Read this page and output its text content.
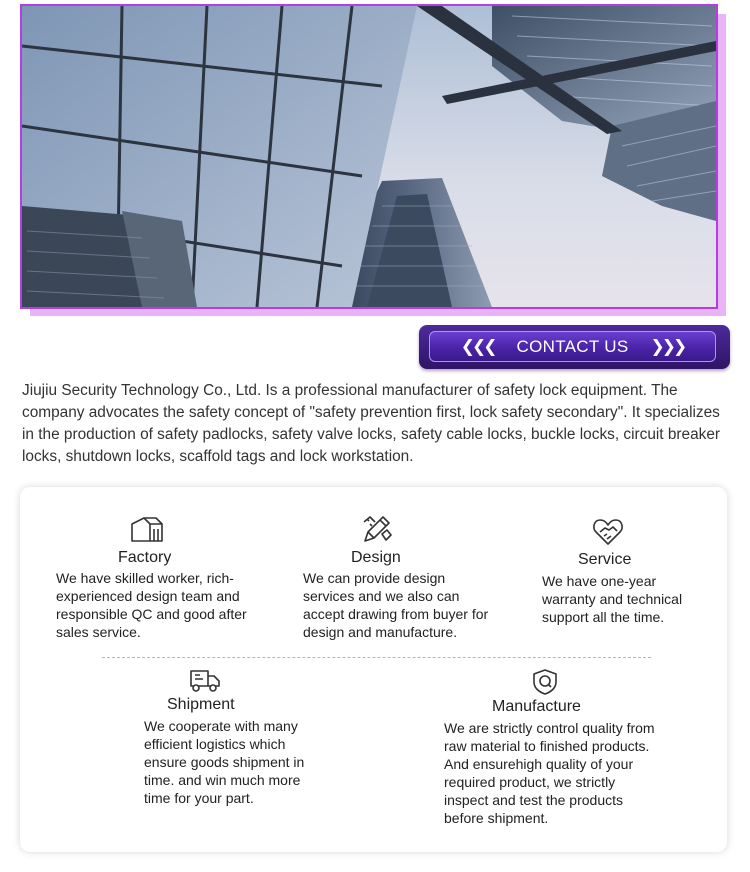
❮❮❮ CONTACT US ❯❯❯

Jiujiu Security Technology Co., Ltd. Is a professional manufacturer of safety lock equipment. The company advocates the safety concept of "safety prevention first, lock safety secondary". It specializes in the production of safety padlocks, safety valve locks, safety cable locks, buckle locks, circuit breaker locks, shutdown locks, scaffold tags and lock workstation.

Factory
We have skilled worker, rich-experienced design team and responsible QC and good after sales service.
Design
We can provide design services and we also can accept drawing from buyer for design and manufacture.
Service
We have one-year warranty and technical support all the time.
Shipment
We cooperate with many efficient logistics which ensure goods shipment in time. and win much more time for your part.
Manufacture
We are strictly control quality from raw material to finished products. And ensurehigh quality of your required product, we strictly inspect and test the products before shipment.
